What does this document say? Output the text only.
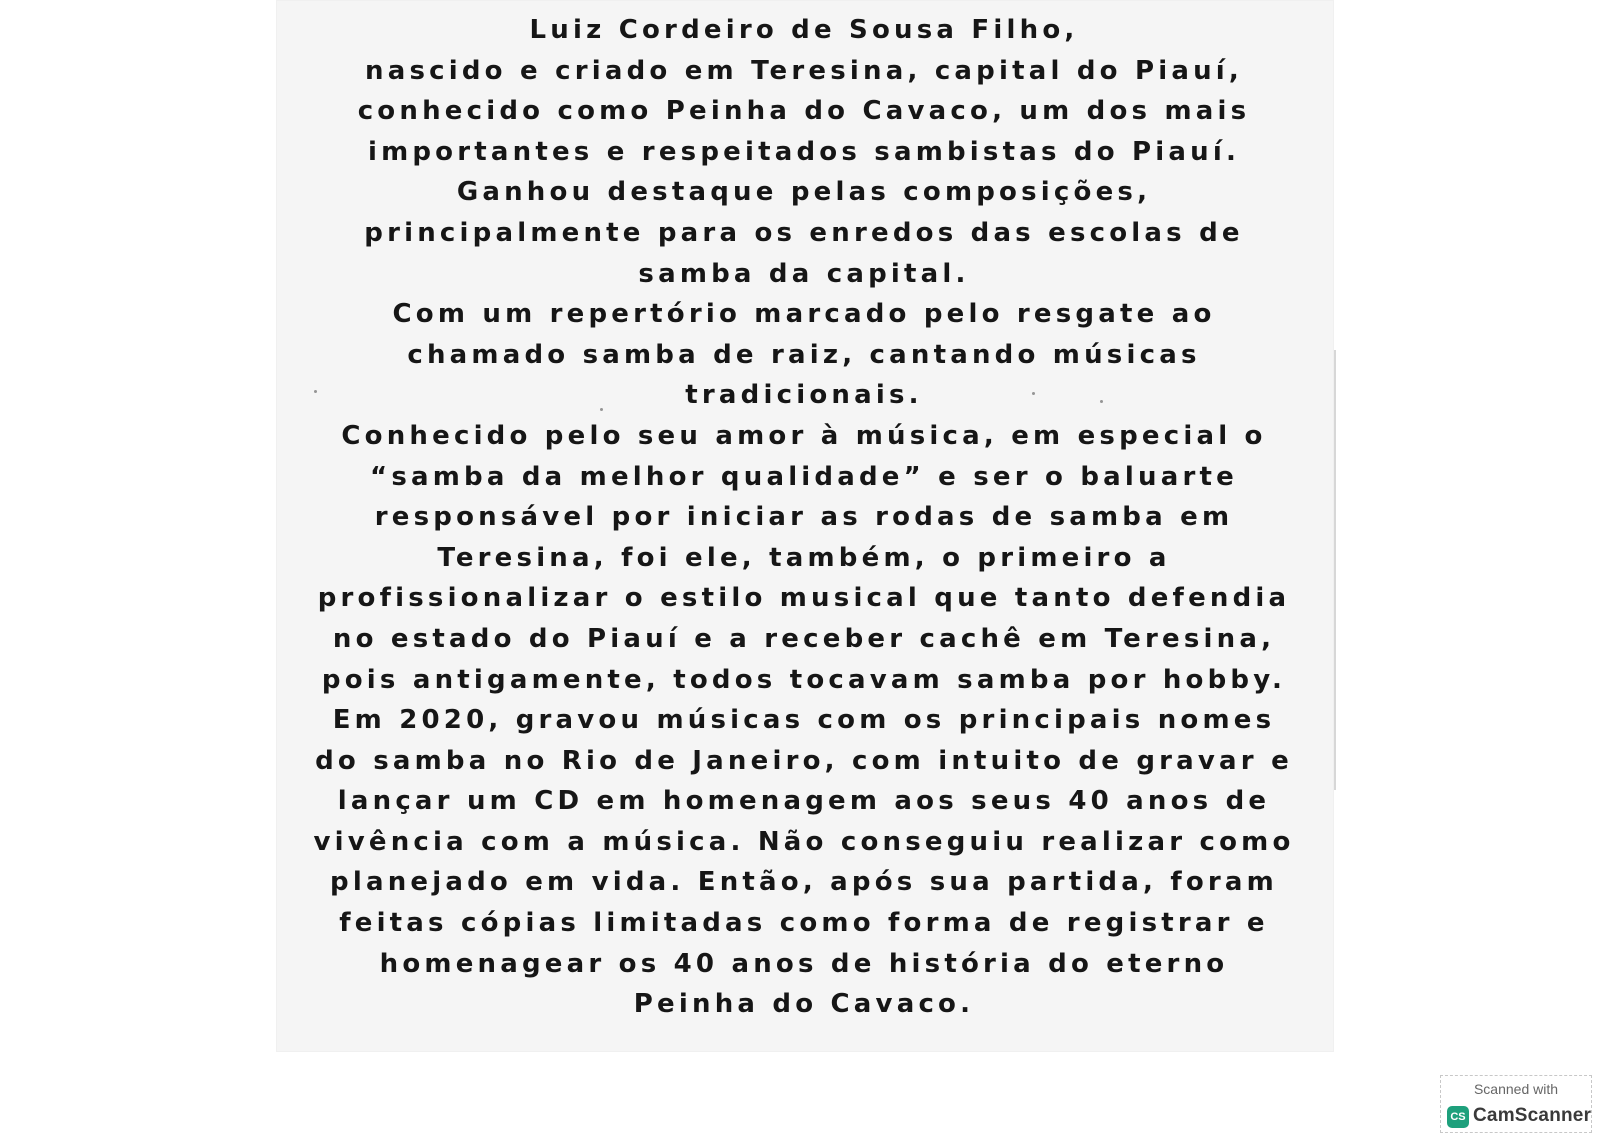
Luiz Cordeiro de Sousa Filho,
nascido e criado em Teresina, capital do Piauí,
conhecido como Peinha do Cavaco, um dos mais
importantes e respeitados sambistas do Piauí.
Ganhou destaque pelas composições,
principalmente para os enredos das escolas de
samba da capital.
Com um repertório marcado pelo resgate ao
chamado samba de raiz, cantando músicas
tradicionais.
Conhecido pelo seu amor à música, em especial o
“samba da melhor qualidade” e ser o baluarte
responsável por iniciar as rodas de samba em
Teresina, foi ele, também, o primeiro a
profissionalizar o estilo musical que tanto defendia
no estado do Piauí e a receber cachê em Teresina,
pois antigamente, todos tocavam samba por hobby.
Em 2020, gravou músicas com os principais nomes
do samba no Rio de Janeiro, com intuito de gravar e
lançar um CD em homenagem aos seus 40 anos de
vivência com a música. Não conseguiu realizar como
planejado em vida. Então, após sua partida, foram
feitas cópias limitadas como forma de registrar e
homenagear os 40 anos de história do eterno
Peinha do Cavaco.
Scanned with
CS CamScanner
